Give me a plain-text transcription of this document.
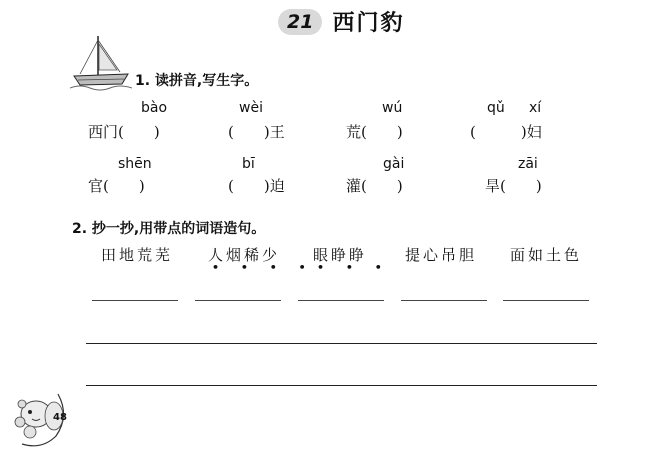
21 西门豹
1. 读拼音,写生字。
bào	wèi	wú	qǔ xí
西门(　　)	(　　)王	荒(　　)	(　　　)妇
shēn	bī	gài	zāi
官(　　)	(　　)迫	灌(　　)	旱(　　)
2. 抄一抄,用带点的词语造句。
田地荒芜 人烟稀少 眼睁睁	提心吊胆 面如土色
• • • • • • •
48
